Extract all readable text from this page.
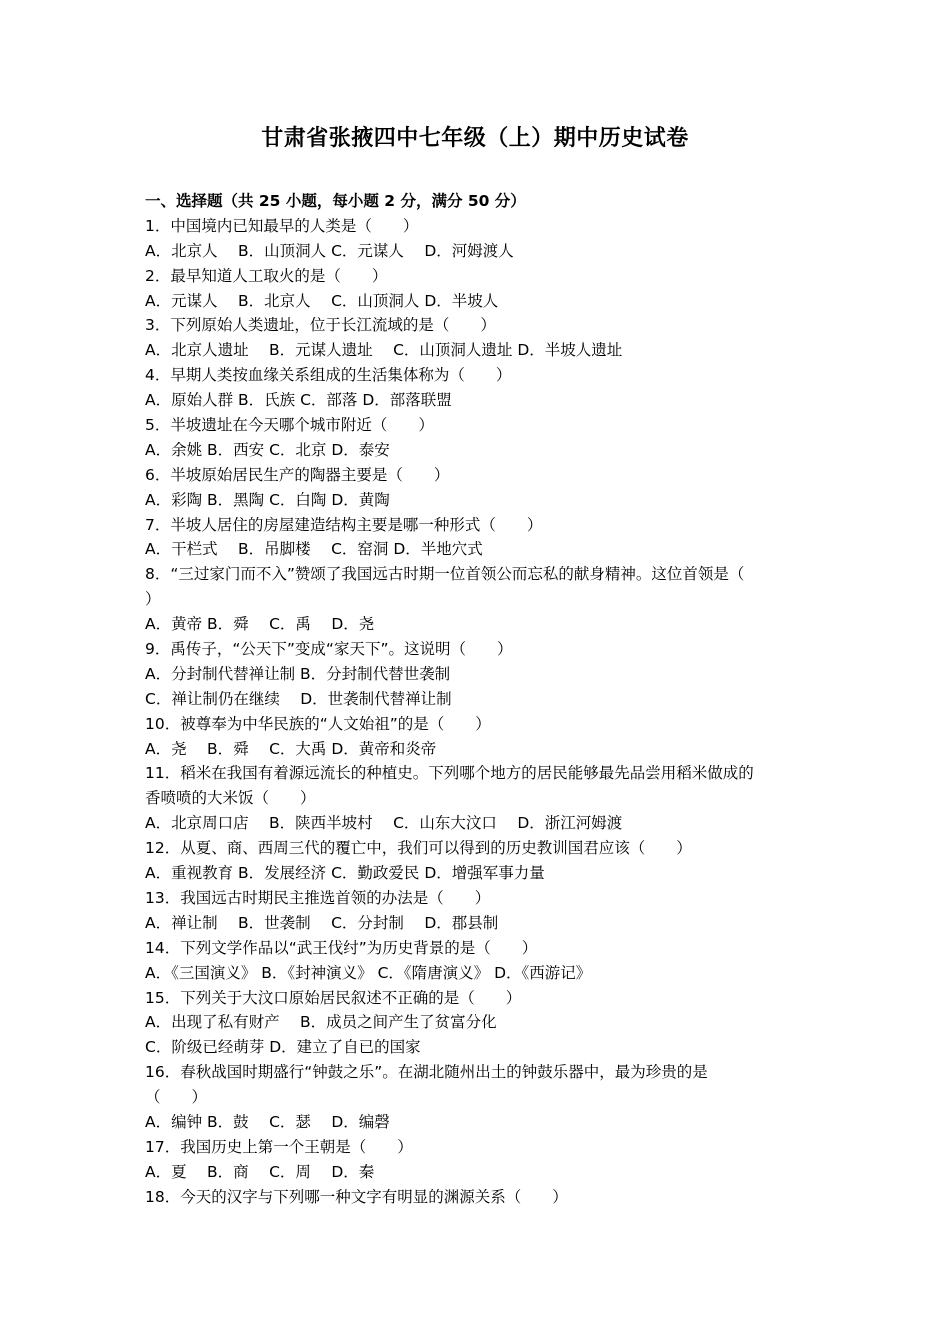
甘肃省张掖四中七年级（上）期中历史试卷
一、选择题（共 25 小题，每小题 2 分，满分 50 分）
1．中国境内已知最早的人类是（　　）
A．北京人　 B．山顶洞人 C．元谋人　 D．河姆渡人
2．最早知道人工取火的是（　　）
A．元谋人　 B．北京人　 C．山顶洞人 D．半坡人
3．下列原始人类遗址，位于长江流域的是（　　）
A．北京人遗址　 B．元谋人遗址　 C．山顶洞人遗址 D．半坡人遗址
4．早期人类按血缘关系组成的生活集体称为（　　）
A．原始人群 B．氏族 C．部落 D．部落联盟
5．半坡遗址在今天哪个城市附近（　　）
A．余姚 B．西安 C．北京 D．泰安
6．半坡原始居民生产的陶器主要是（　　）
A．彩陶 B．黑陶 C．白陶 D．黄陶
7．半坡人居住的房屋建造结构主要是哪一种形式（　　）
A．干栏式　 B．吊脚楼　 C．窑洞 D．半地穴式
8．“三过家门而不入”赞颂了我国远古时期一位首领公而忘私的献身精神。这位首领是（
）
A．黄帝 B．舜　 C．禹　 D．尧
9．禹传子，“公天下”变成“家天下”。这说明（　　）
A．分封制代替禅让制 B．分封制代替世袭制
C．禅让制仍在继续　 D．世袭制代替禅让制
10．被尊奉为中华民族的“人文始祖”的是（　　）
A．尧　 B．舜　 C．大禹 D．黄帝和炎帝
11．稻米在我国有着源远流长的种植史。下列哪个地方的居民能够最先品尝用稻米做成的
香喷喷的大米饭（　　）
A．北京周口店　 B．陕西半坡村　 C．山东大汶口　 D．浙江河姆渡
12．从夏、商、西周三代的覆亡中，我们可以得到的历史教训国君应该（　　）
A．重视教育 B．发展经济 C．勤政爱民 D．增强军事力量
13．我国远古时期民主推选首领的办法是（　　）
A．禅让制　 B．世袭制　 C．分封制　 D．郡县制
14．下列文学作品以“武王伐纣”为历史背景的是（　　）
A．《三国演义》 B．《封神演义》 C．《隋唐演义》 D．《西游记》
15．下列关于大汶口原始居民叙述不正确的是（　　）
A．出现了私有财产　 B．成员之间产生了贫富分化
C．阶级已经萌芽 D．建立了自已的国家
16．春秋战国时期盛行“钟鼓之乐”。在湖北随州出土的钟鼓乐器中，最为珍贵的是
（　　）
A．编钟 B．鼓　 C．瑟　 D．编磬
17．我国历史上第一个王朝是（　　）
A．夏　 B．商　 C．周　 D．秦
18．今天的汉字与下列哪一种文字有明显的渊源关系（　　）
